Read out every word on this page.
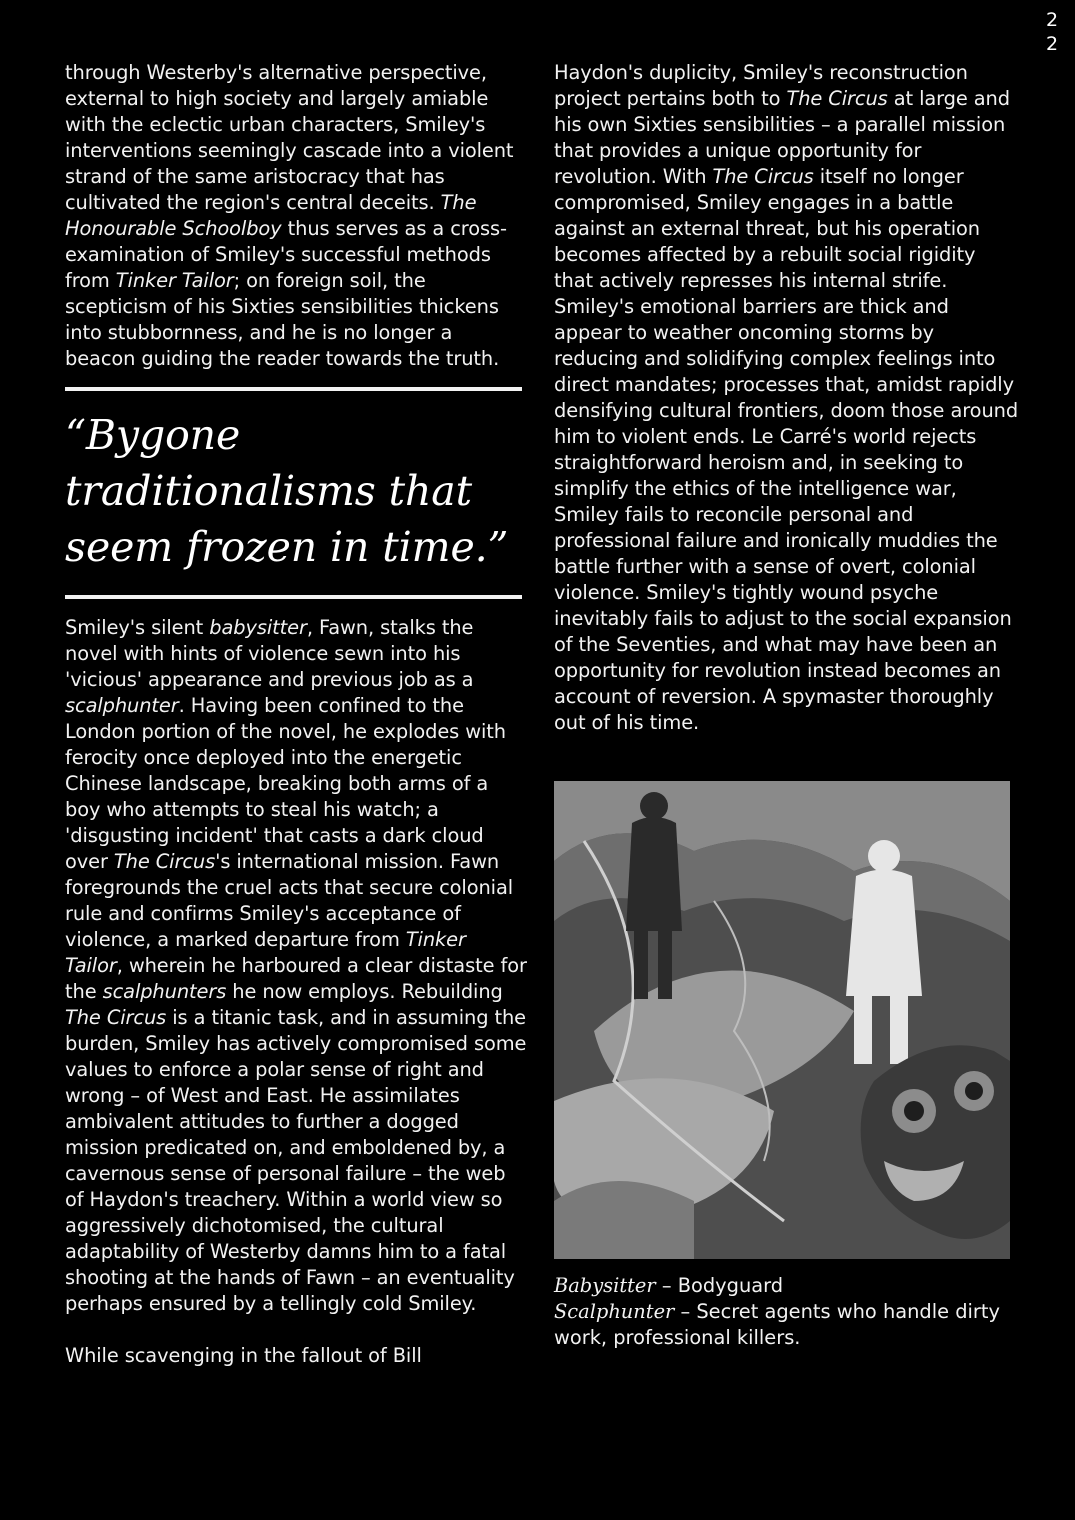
2
2

through Westerby's alternative perspective, external to high society and largely amiable with the eclectic urban characters, Smiley's interventions seemingly cascade into a violent strand of the same aristocracy that has cultivated the region's central deceits. The Honourable Schoolboy thus serves as a cross-examination of Smiley's successful methods from Tinker Tailor; on foreign soil, the scepticism of his Sixties sensibilities thickens into stubbornness, and he is no longer a beacon guiding the reader towards the truth.

“Bygone traditionalisms that seem frozen in time.”

Smiley's silent babysitter, Fawn, stalks the novel with hints of violence sewn into his 'vicious' appearance and previous job as a scalphunter. Having been confined to the London portion of the novel, he explodes with ferocity once deployed into the energetic Chinese landscape, breaking both arms of a boy who attempts to steal his watch; a 'disgusting incident' that casts a dark cloud over The Circus's international mission. Fawn foregrounds the cruel acts that secure colonial rule and confirms Smiley's acceptance of violence, a marked departure from Tinker Tailor, wherein he harboured a clear distaste for the scalphunters he now employs. Rebuilding The Circus is a titanic task, and in assuming the burden, Smiley has actively compromised some values to enforce a polar sense of right and wrong – of West and East. He assimilates ambivalent attitudes to further a dogged mission predicated on, and emboldened by, a cavernous sense of personal failure – the web of Haydon's treachery. Within a world view so aggressively dichotomised, the cultural adaptability of Westerby damns him to a fatal shooting at the hands of Fawn – an eventuality perhaps ensured by a tellingly cold Smiley.

While scavenging in the fallout of Bill

Haydon's duplicity, Smiley's reconstruction project pertains both to The Circus at large and his own Sixties sensibilities – a parallel mission that provides a unique opportunity for revolution. With The Circus itself no longer compromised, Smiley engages in a battle against an external threat, but his operation becomes affected by a rebuilt social rigidity that actively represses his internal strife. Smiley's emotional barriers are thick and appear to weather oncoming storms by reducing and solidifying complex feelings into direct mandates; processes that, amidst rapidly densifying cultural frontiers, doom those around him to violent ends. Le Carré's world rejects straightforward heroism and, in seeking to simplify the ethics of the intelligence war, Smiley fails to reconcile personal and professional failure and ironically muddies the battle further with a sense of overt, colonial violence. Smiley's tightly wound psyche inevitably fails to adjust to the social expansion of the Seventies, and what may have been an opportunity for revolution instead becomes an account of reversion. A spymaster thoroughly out of his time.

Babysitter – Bodyguard
Scalphunter – Secret agents who handle dirty work, professional killers.
